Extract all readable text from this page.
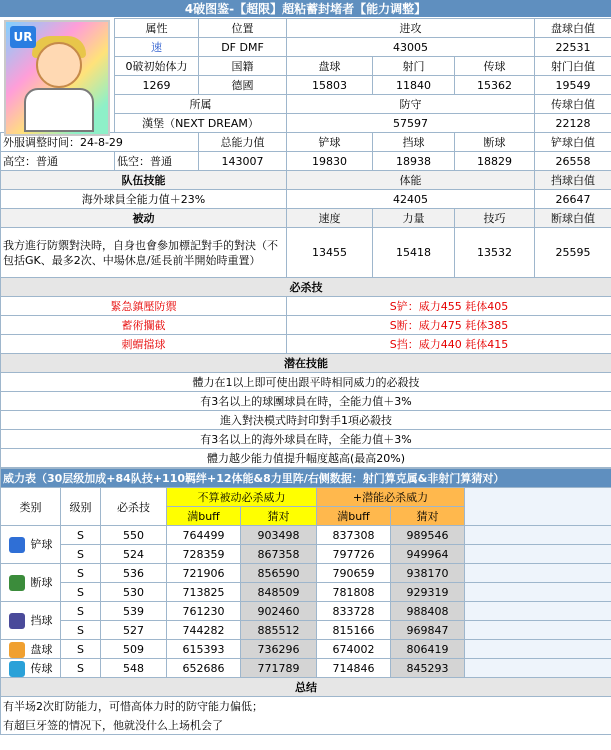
4破图鉴-【超限】超粘蓄封堵者【能力调整】
UR
	属性	位置	进攻			盘球白值
	速	DF DMF	43005			22531
	0破初始体力	国籍	盘球	射门	传球	射门白值
	1269	德國	15803	11840	15362	19549
	所属		防守			传球白值
	漢堡（NEXT DREAM）		57597			22128
外服调整时间：24-8-29		总能力值	铲球	挡球	断球	铲球白值
高空：普通	低空：普通	143007	19830	18938	18829	26558
队伍技能			体能			挡球白值
海外球員全能力值＋23%			42405			26647
被动			速度	力量	技巧	断球白值
我方進行防禦對決時，自身也會參加標記對手的對決（不包括GK、最多2次、中場休息/延長前半開始時重置）			13455	15418	13532	25595
必杀技						
緊急鎮壓防禦			S铲：威力455 耗体405			
蓄術攔截			S断：威力475 耗体385			
刺蝟擋球			S挡：威力440 耗体415			
潜在技能						
體力在1以上即可使出跟平時相同威力的必殺技						
有3名以上的球團球員在時，全能力值＋3%						
進入對決模式時封印對手1項必殺技						
有3名以上的海外球員在時，全能力值＋3%						
體力越少能力值提升幅度越高(最高20%)						
威力表（30层级加成+84队技+110羁绊+12体能&8力里阵/右侧数据：射门算克属&非射门算猜对）							
类别	级别	必杀技	不算被动必杀威力		+潜能必杀威力		
			满buff	猜对	满buff	猜对	
铲球	S	550	764499	903498	837308	989546	
	S	524	728359	867358	797726	949964	
断球	S	536	721906	856590	790659	938170	
	S	530	713825	848509	781808	929319	
挡球	S	539	761230	902460	833728	988408	
	S	527	744282	885512	815166	969847	
盘球	S	509	615393	736296	674002	806419	
传球	S	548	652686	771789	714846	845293	
总结							
有半场2次盯防能力，可惜高体力时的防守能力偏低；							
有超巨牙签的情况下，他就没什么上场机会了							
